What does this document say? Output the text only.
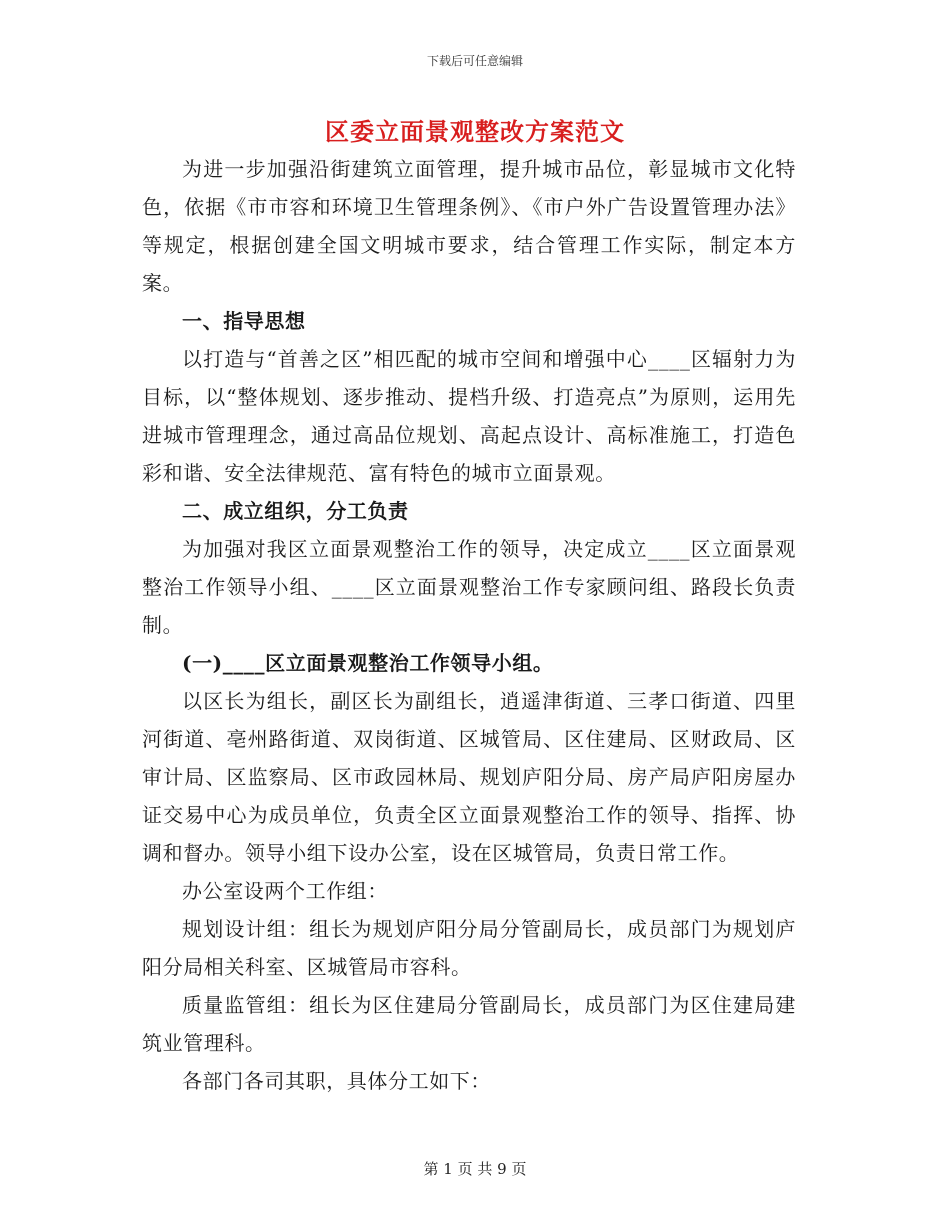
下载后可任意编辑
区委立面景观整改方案范文

为进一步加强沿街建筑立面管理，提升城市品位，彰显城市文化特色，依据《市市容和环境卫生管理条例》、《市户外广告设置管理办法》等规定，根据创建全国文明城市要求，结合管理工作实际，制定本方案。

一、指导思想

以打造与“首善之区”相匹配的城市空间和增强中心____区辐射力为目标，以“整体规划、逐步推动、提档升级、打造亮点”为原则，运用先进城市管理理念，通过高品位规划、高起点设计、高标准施工，打造色彩和谐、安全法律规范、富有特色的城市立面景观。

二、成立组织，分工负责

为加强对我区立面景观整治工作的领导，决定成立____区立面景观整治工作领导小组、____区立面景观整治工作专家顾问组、路段长负责制。

(一)____区立面景观整治工作领导小组。

以区长为组长，副区长为副组长，逍遥津街道、三孝口街道、四里河街道、亳州路街道、双岗街道、区城管局、区住建局、区财政局、区审计局、区监察局、区市政园林局、规划庐阳分局、房产局庐阳房屋办证交易中心为成员单位，负责全区立面景观整治工作的领导、指挥、协调和督办。领导小组下设办公室，设在区城管局，负责日常工作。

办公室设两个工作组：

规划设计组：组长为规划庐阳分局分管副局长，成员部门为规划庐阳分局相关科室、区城管局市容科。

质量监管组：组长为区住建局分管副局长，成员部门为区住建局建筑业管理科。

各部门各司其职，具体分工如下：

第 1 页 共 9 页
